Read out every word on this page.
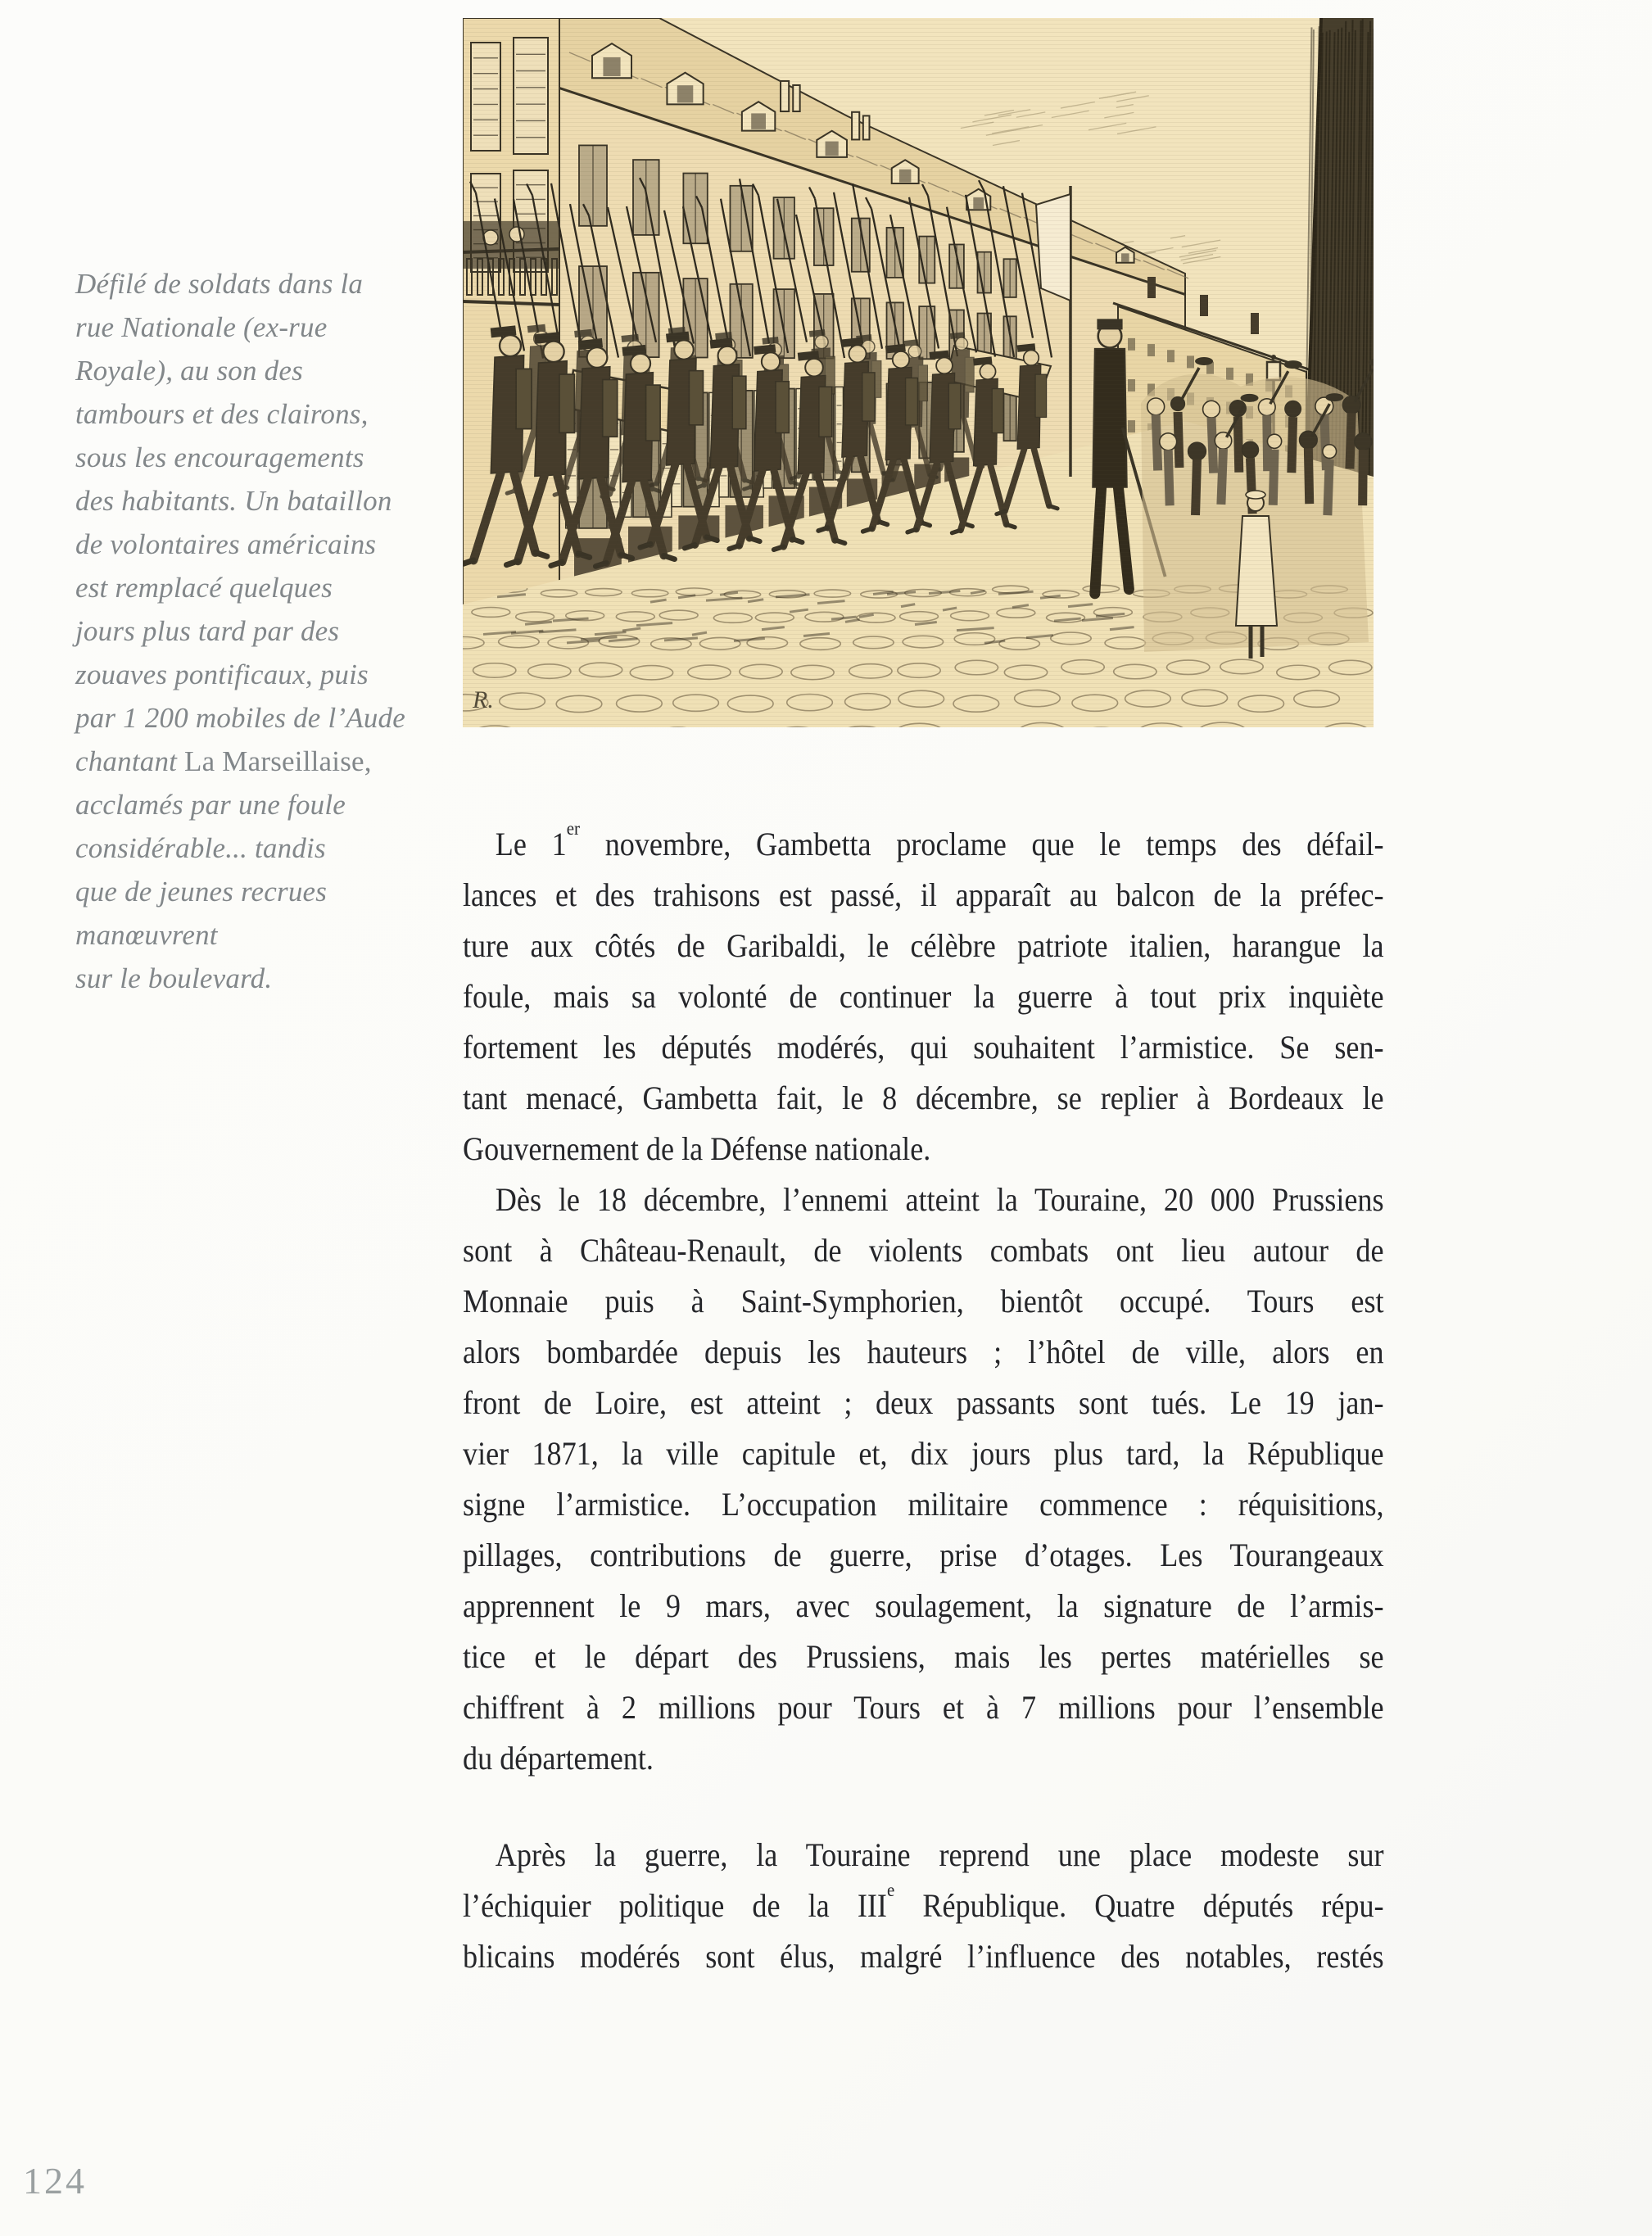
Défilé de soldats dans la
rue Nationale (ex-rue
Royale), au son des
tambours et des clairons,
sous les encouragements
des habitants. Un bataillon
de volontaires américains
est remplacé quelques
jours plus tard par des
zouaves pontificaux, puis
par 1 200 mobiles de l’Aude
chantant La Marseillaise,
acclamés par une foule
considérable... tandis
que de jeunes recrues
manœuvrent
sur le boulevard.

Le 1er novembre, Gambetta proclame que le temps des défail-
lances et des trahisons est passé, il apparaît au balcon de la préfec-
ture aux côtés de Garibaldi, le célèbre patriote italien, harangue la
foule, mais sa volonté de continuer la guerre à tout prix inquiète
fortement les députés modérés, qui souhaitent l’armistice. Se sen-
tant menacé, Gambetta fait, le 8 décembre, se replier à Bordeaux le
Gouvernement de la Défense nationale.

Dès le 18 décembre, l’ennemi atteint la Touraine, 20 000 Prussiens
sont à Château-Renault, de violents combats ont lieu autour de
Monnaie puis à Saint-Symphorien, bientôt occupé. Tours est
alors bombardée depuis les hauteurs ; l’hôtel de ville, alors en
front de Loire, est atteint ; deux passants sont tués. Le 19 jan-
vier 1871, la ville capitule et, dix jours plus tard, la République
signe l’armistice. L’occupation militaire commence : réquisitions,
pillages, contributions de guerre, prise d’otages. Les Tourangeaux
apprennent le 9 mars, avec soulagement, la signature de l’armis-
tice et le départ des Prussiens, mais les pertes matérielles se
chiffrent à 2 millions pour Tours et à 7 millions pour l’ensemble
du département.

Après la guerre, la Touraine reprend une place modeste sur
l’échiquier politique de la IIIe République. Quatre députés répu-
blicains modérés sont élus, malgré l’influence des notables, restés

124
